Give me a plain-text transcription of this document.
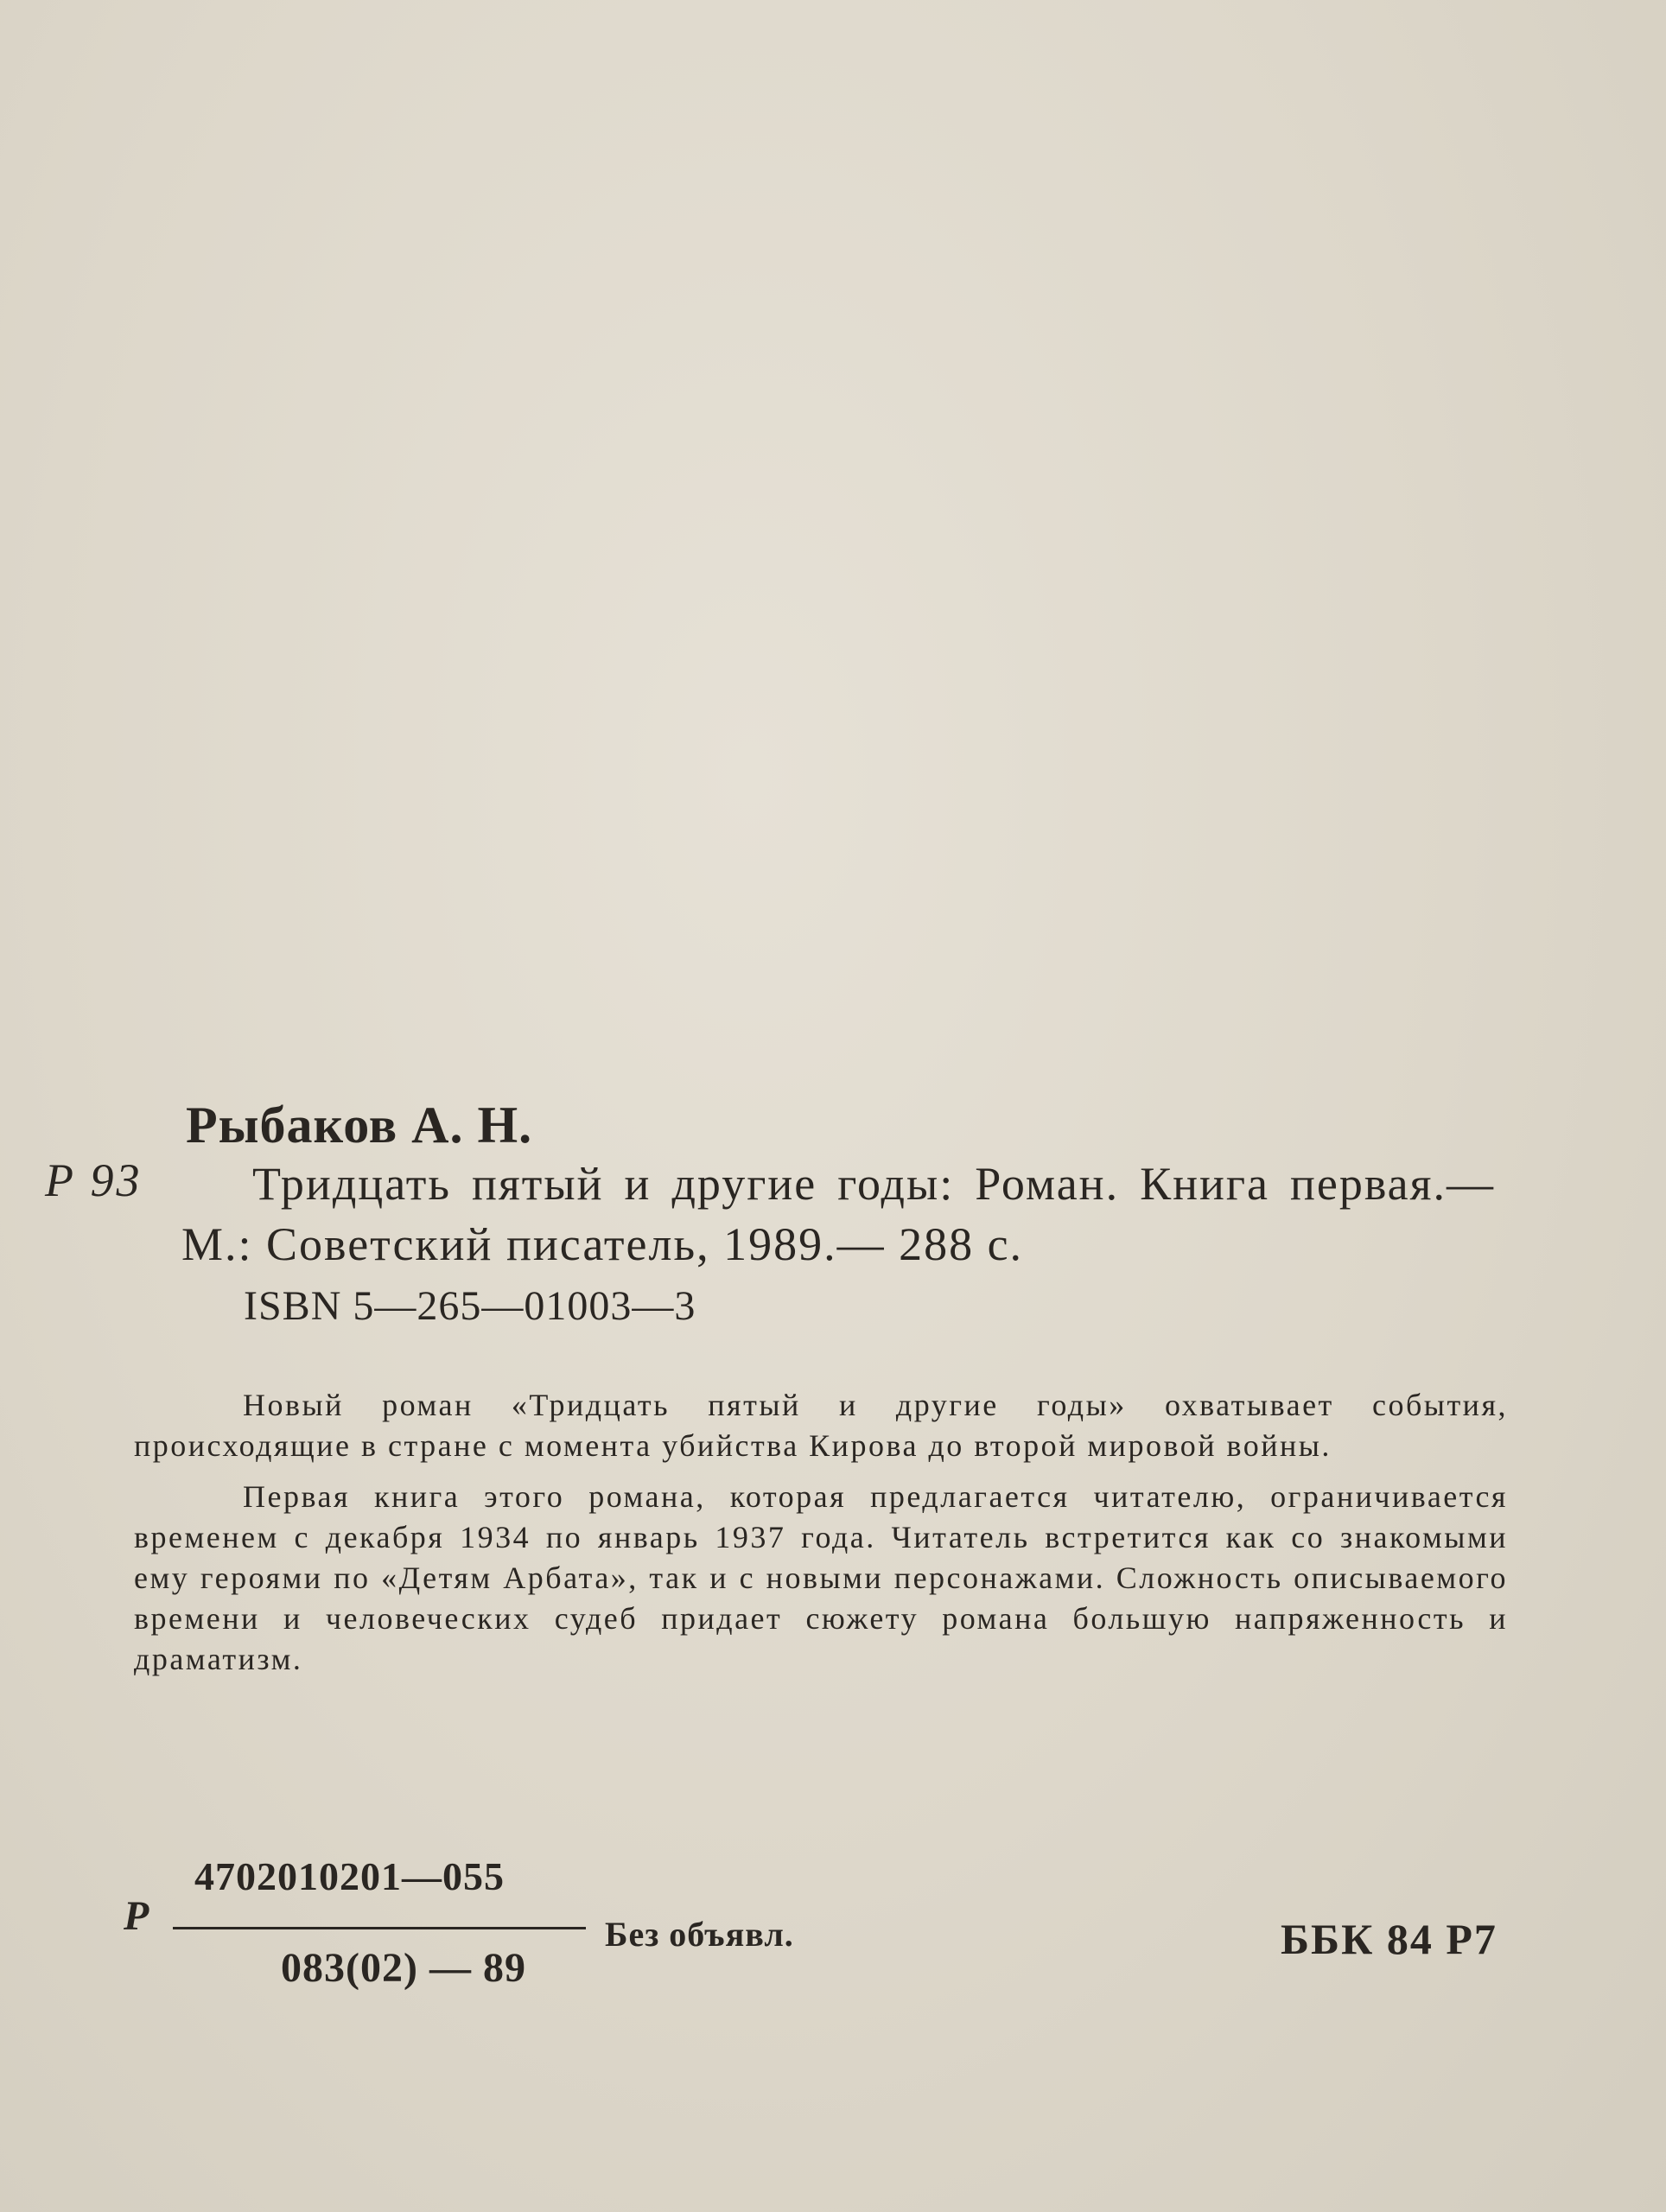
Рыбаков А. Н.
Р 93	Тридцать пятый и другие годы: Роман. Книга первая.— М.: Советский писатель, 1989.— 288 с.
ISBN 5—265—01003—3

Новый роман «Тридцать пятый и другие годы» охватывает события, происходящие в стране с момента убийства Кирова до второй мировой войны.

Первая книга этого романа, которая предлагается читателю, ограничивается временем с декабря 1934 по январь 1937 года. Читатель встретится как со знакомыми ему героями по «Детям Арбата», так и с новыми персонажами. Сложность описываемого времени и человеческих судеб придает сюжету романа большую напряженность и драматизм.

Р
4702010201—055
083(02) — 89
Без объявл.	ББК 84 Р7
